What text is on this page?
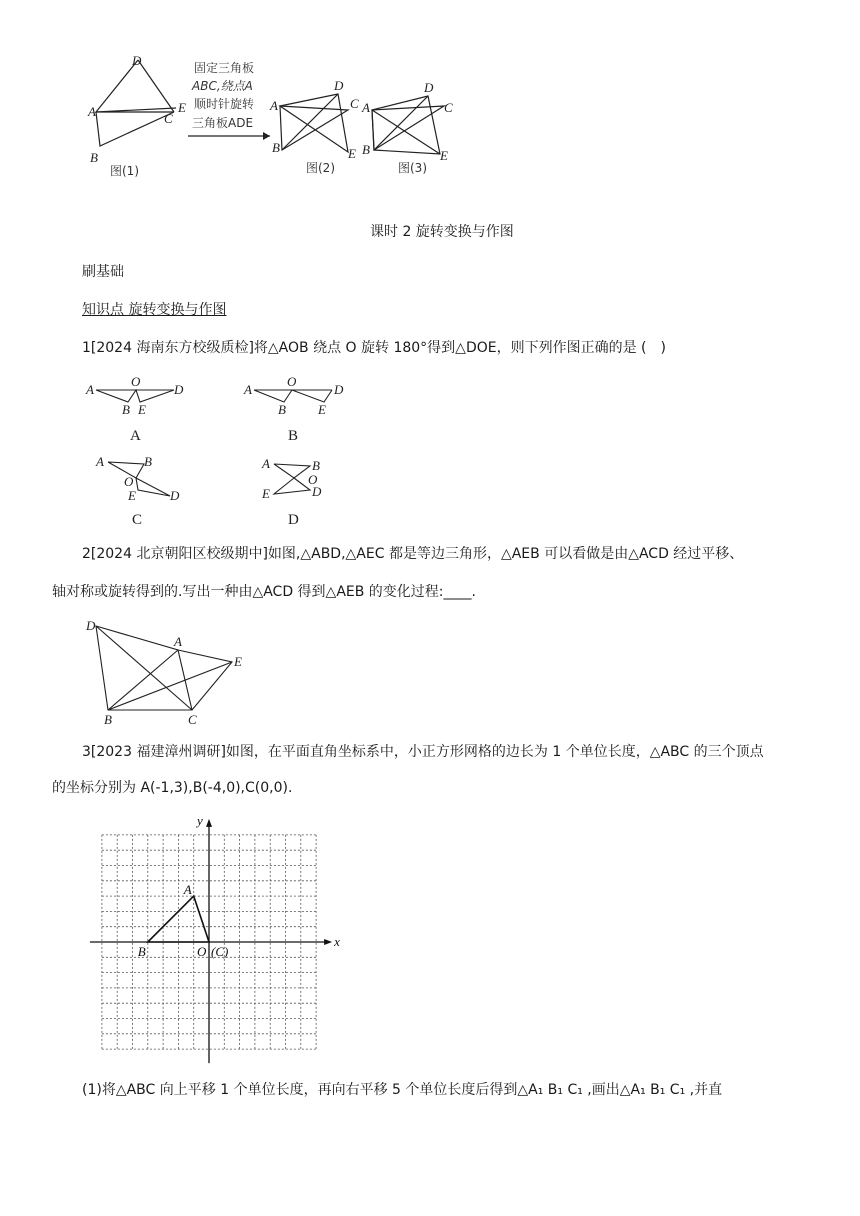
D
A	C
E
B
图(1)
固定三角板
ABC,绕点A
顺时针旋转
三角板ADE
D
C
A
B	E
图(2)
A
D
C
B	E
图(3)
课时 2 旋转变换与作图
刷基础
知识点 旋转变换与作图
1[2024 海南东方校级质检]将△AOB 绕点 O 旋转 180°得到△DOE，则下列作图正确的是 (　)
A
O
D
B E
A
A
O
D
B E
B
A	B
O
E	D
C
A	B
O
E	D
D
2[2024 北京朝阳区校级期中]如图,△ABD,△AEC 都是等边三角形，△AEB 可以看做是由△ACD 经过平移、
轴对称或旋转得到的.写出一种由△ACD 得到△AEB 的变化过程:____.
D
A
E
B	C
3[2023 福建漳州调研]如图，在平面直角坐标系中，小正方形网格的边长为 1 个单位长度，△ABC 的三个顶点
的坐标分别为 A(-1,3),B(-4,0),C(0,0).
x
y
A
B	O (C)
(1)将△ABC 向上平移 1 个单位长度，再向右平移 5 个单位长度后得到△A₁ B₁ C₁ ,画出△A₁ B₁ C₁ ,并直
